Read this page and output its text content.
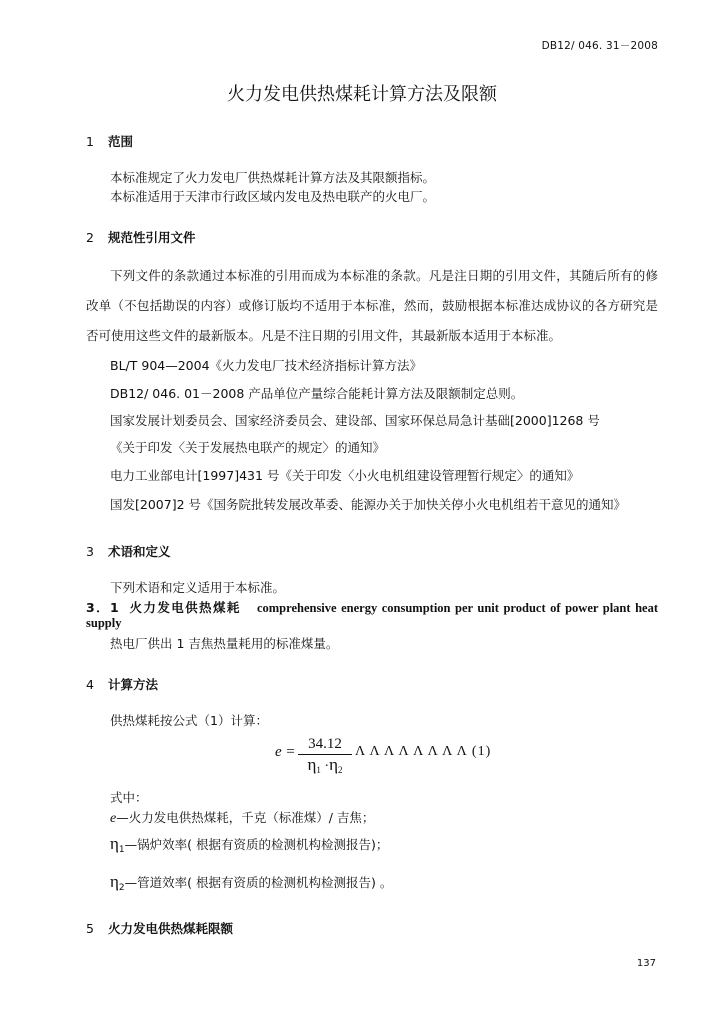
DB12/ 046. 31－2008
火力发电供热煤耗计算方法及限额
1 范围
本标准规定了火力发电厂供热煤耗计算方法及其限额指标。
本标准适用于天津市行政区域内发电及热电联产的火电厂。
2 规范性引用文件
下列文件的条款通过本标准的引用而成为本标准的条款。凡是注日期的引用文件，其随后所有的修
改单（不包括勘误的内容）或修订版均不适用于本标准，然而，鼓励根据本标准达成协议的各方研究是
否可使用这些文件的最新版本。凡是不注日期的引用文件，其最新版本适用于本标准。
BL/T 904—2004《火力发电厂技术经济指标计算方法》
DB12/ 046. 01－2008 产品单位产量综合能耗计算方法及限额制定总则。
国家发展计划委员会、国家经济委员会、建设部、国家环保总局急计基础[2000]1268 号
《关于印发〈关于发展热电联产的规定〉的通知》
电力工业部电计[1997]431 号《关于印发〈小火电机组建设管理暂行规定〉的通知》
国发[2007]2 号《国务院批转发展改革委、能源办关于加快关停小火电机组若干意见的通知》
3 术语和定义
下列术语和定义适用于本标准。
3．1 火力发电供热煤耗 comprehensive energy consumption per unit product of power plant heat
supply
热电厂供出 1 吉焦热量耗用的标准煤量。
4 计算方法
供热煤耗按公式（1）计算：
e = 34.12
$\eta_1 \cdot\eta_2$
Λ Λ Λ Λ Λ Λ Λ Λ (1)
式中：
e—火力发电供热煤耗，千克（标准煤）/ 吉焦；
$\eta_1—$锅炉效率( 根据有资质的检测机构检测报告)；
$\eta_2—$管道效率( 根据有资质的检测机构检测报告) 。
5 火力发电供热煤耗限额
137
